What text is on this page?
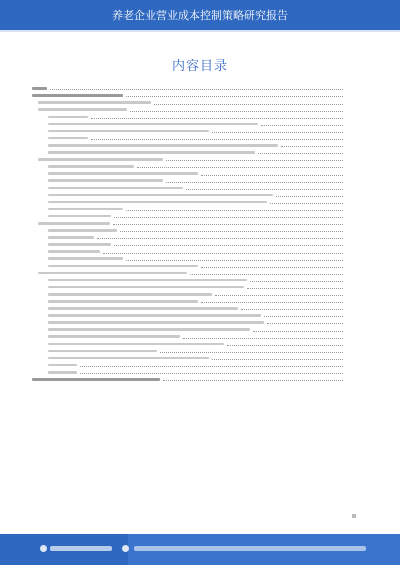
养老企业营业成本控制策略研究报告
内容目录
